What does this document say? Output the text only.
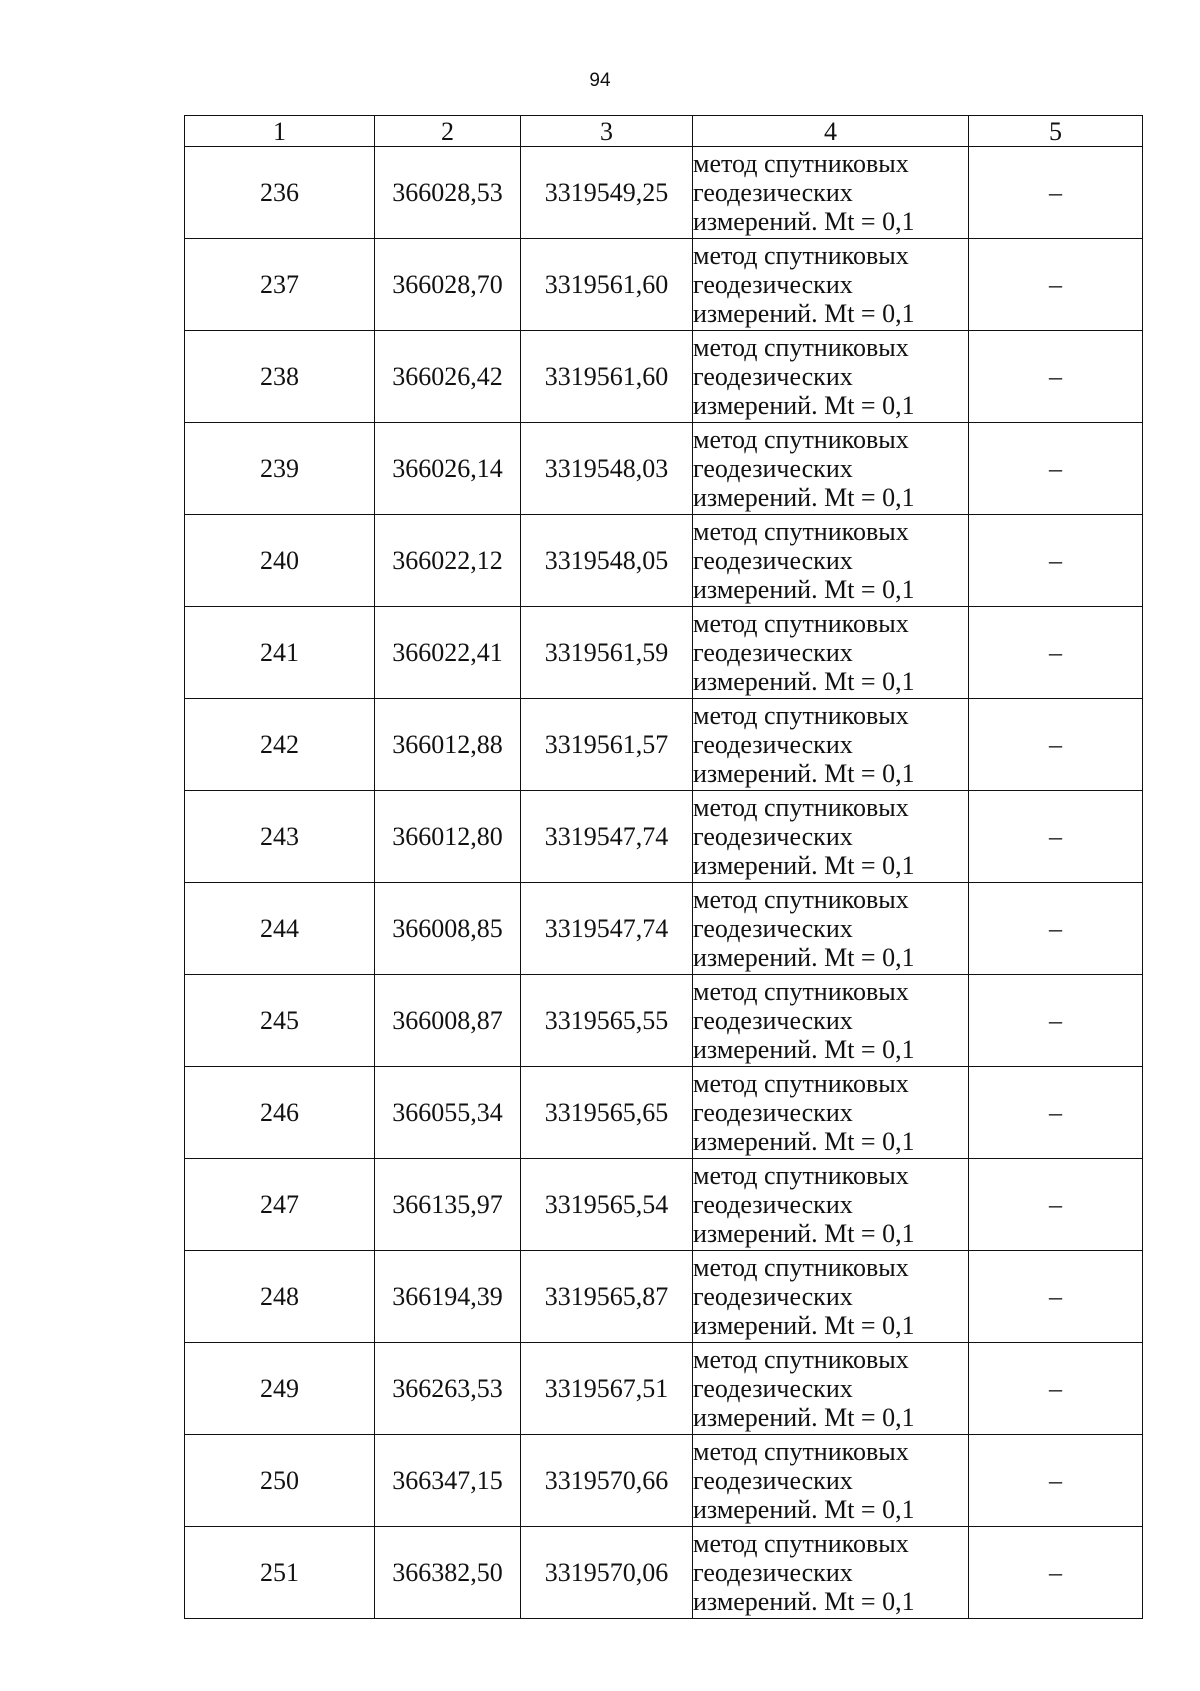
94
1	2	3	4	5
236	366028,53	3319549,25	метод спутниковых
геодезических
измерений. Mt = 0,1	–
237	366028,70	3319561,60	метод спутниковых
геодезических
измерений. Mt = 0,1	–
238	366026,42	3319561,60	метод спутниковых
геодезических
измерений. Mt = 0,1	–
239	366026,14	3319548,03	метод спутниковых
геодезических
измерений. Mt = 0,1	–
240	366022,12	3319548,05	метод спутниковых
геодезических
измерений. Mt = 0,1	–
241	366022,41	3319561,59	метод спутниковых
геодезических
измерений. Mt = 0,1	–
242	366012,88	3319561,57	метод спутниковых
геодезических
измерений. Mt = 0,1	–
243	366012,80	3319547,74	метод спутниковых
геодезических
измерений. Mt = 0,1	–
244	366008,85	3319547,74	метод спутниковых
геодезических
измерений. Mt = 0,1	–
245	366008,87	3319565,55	метод спутниковых
геодезических
измерений. Mt = 0,1	–
246	366055,34	3319565,65	метод спутниковых
геодезических
измерений. Mt = 0,1	–
247	366135,97	3319565,54	метод спутниковых
геодезических
измерений. Mt = 0,1	–
248	366194,39	3319565,87	метод спутниковых
геодезических
измерений. Mt = 0,1	–
249	366263,53	3319567,51	метод спутниковых
геодезических
измерений. Mt = 0,1	–
250	366347,15	3319570,66	метод спутниковых
геодезических
измерений. Mt = 0,1	–
251	366382,50	3319570,06	метод спутниковых
геодезических
измерений. Mt = 0,1	–
